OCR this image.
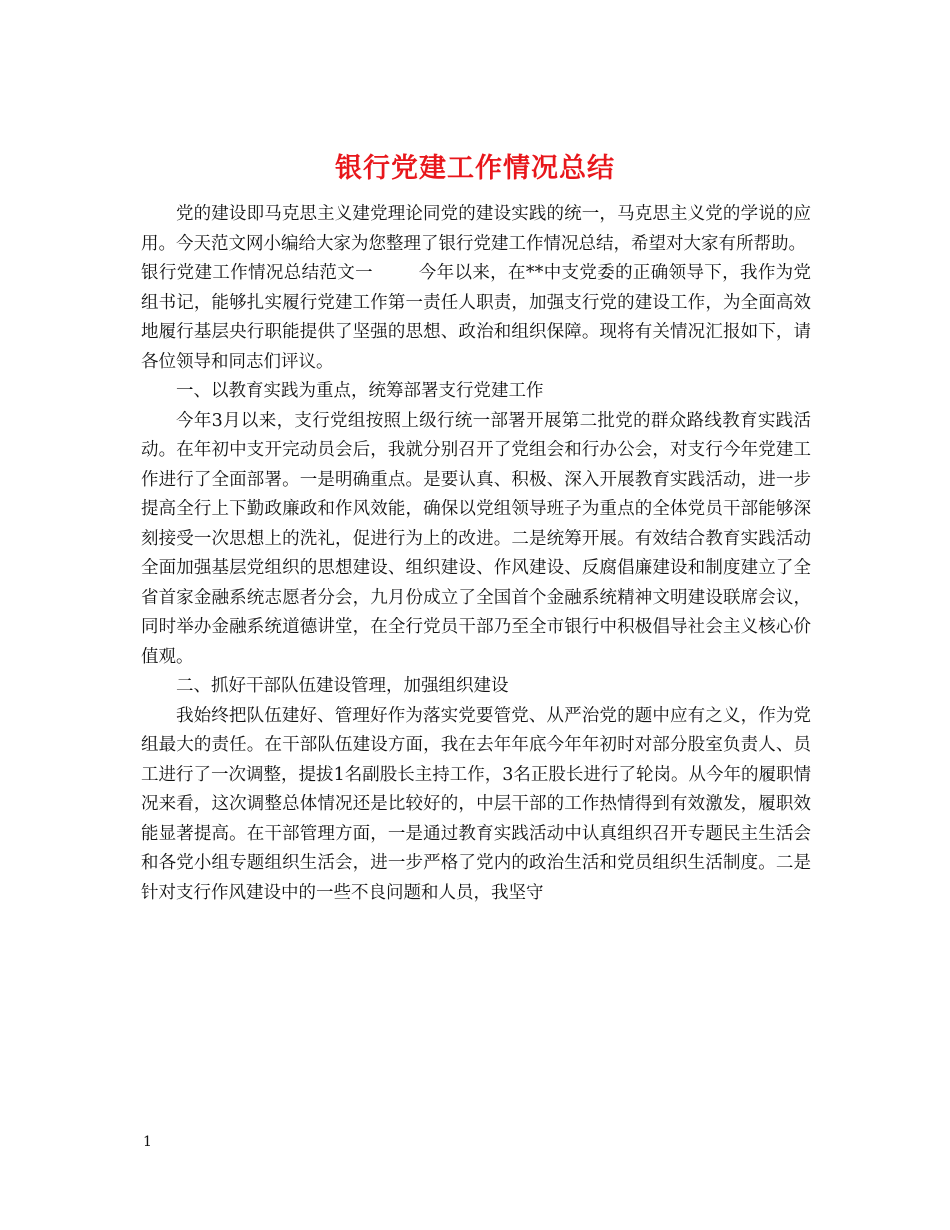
银行党建工作情况总结

党的建设即马克思主义建党理论同党的建设实践的统一，马克思主义党的学说的应用。今天范文网小编给大家为您整理了银行党建工作情况总结，希望对大家有所帮助。

银行党建工作情况总结范文一	今年以来，在**中支党委的正确领导下，我作为党组书记，能够扎实履行党建工作第一责任人职责，加强支行党的建设工作，为全面高效地履行基层央行职能提供了坚强的思想、政治和组织保障。现将有关情况汇报如下，请各位领导和同志们评议。

一、以教育实践为重点，统筹部署支行党建工作

今年3月以来，支行党组按照上级行统一部署开展第二批党的群众路线教育实践活动。在年初中支开完动员会后，我就分别召开了党组会和行办公会，对支行今年党建工作进行了全面部署。一是明确重点。是要认真、积极、深入开展教育实践活动，进一步提高全行上下勤政廉政和作风效能，确保以党组领导班子为重点的全体党员干部能够深刻接受一次思想上的洗礼，促进行为上的改进。二是统筹开展。有效结合教育实践活动全面加强基层党组织的思想建设、组织建设、作风建设、反腐倡廉建设和制度建立了全省首家金融系统志愿者分会，九月份成立了全国首个金融系统精神文明建设联席会议，同时举办金融系统道德讲堂，在全行党员干部乃至全市银行中积极倡导社会主义核心价值观。

二、抓好干部队伍建设管理，加强组织建设

我始终把队伍建好、管理好作为落实党要管党、从严治党的题中应有之义，作为党组最大的责任。在干部队伍建设方面，我在去年年底今年年初时对部分股室负责人、员工进行了一次调整，提拔1名副股长主持工作，3名正股长进行了轮岗。从今年的履职情况来看，这次调整总体情况还是比较好的，中层干部的工作热情得到有效激发，履职效能显著提高。在干部管理方面，一是通过教育实践活动中认真组织召开专题民主生活会和各党小组专题组织生活会，进一步严格了党内的政治生活和党员组织生活制度。二是针对支行作风建设中的一些不良问题和人员，我坚守

1
